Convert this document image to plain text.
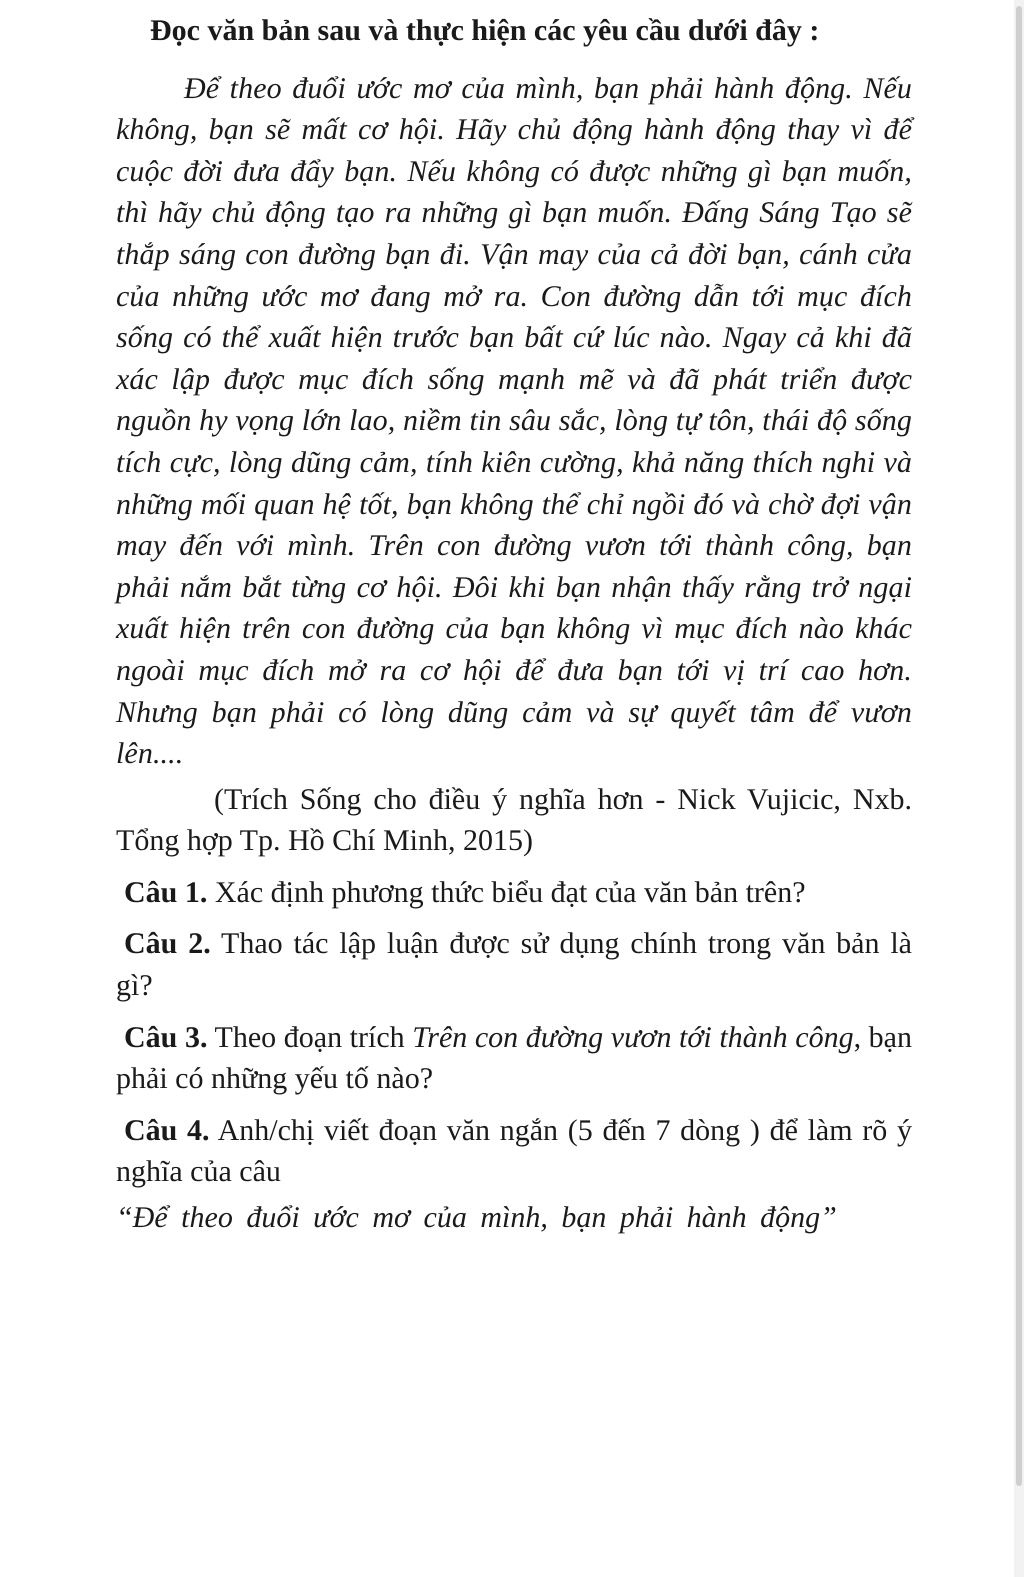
Đọc văn bản sau và thực hiện các yêu cầu dưới đây :

Để theo đuổi ước mơ của mình, bạn phải hành động. Nếu không, bạn sẽ mất cơ hội. Hãy chủ động hành động thay vì để cuộc đời đưa đẩy bạn. Nếu không có được những gì bạn muốn, thì hãy chủ động tạo ra những gì bạn muốn. Đấng Sáng Tạo sẽ thắp sáng con đường bạn đi. Vận may của cả đời bạn, cánh cửa của những ước mơ đang mở ra. Con đường dẫn tới mục đích sống có thể xuất hiện trước bạn bất cứ lúc nào. Ngay cả khi đã xác lập được mục đích sống mạnh mẽ và đã phát triển được nguồn hy vọng lớn lao, niềm tin sâu sắc, lòng tự tôn, thái độ sống tích cực, lòng dũng cảm, tính kiên cường, khả năng thích nghi và những mối quan hệ tốt, bạn không thể chỉ ngồi đó và chờ đợi vận may đến với mình. Trên con đường vươn tới thành công, bạn phải nắm bắt từng cơ hội. Đôi khi bạn nhận thấy rằng trở ngại xuất hiện trên con đường của bạn không vì mục đích nào khác ngoài mục đích mở ra cơ hội để đưa bạn tới vị trí cao hơn. Nhưng bạn phải có lòng dũng cảm và sự quyết tâm để vươn lên....

(Trích Sống cho điều ý nghĩa hơn - Nick Vujicic, Nxb. Tổng hợp Tp. Hồ Chí Minh, 2015)

Câu 1. Xác định phương thức biểu đạt của văn bản trên?

Câu 2. Thao tác lập luận được sử dụng chính trong văn bản là gì?

Câu 3. Theo đoạn trích Trên con đường vươn tới thành công, bạn phải có những yếu tố nào?

Câu 4. Anh/chị viết đoạn văn ngắn (5 đến 7 dòng ) để làm rõ ý nghĩa của câu

“Để theo đuổi ước mơ của mình, bạn phải hành động”
